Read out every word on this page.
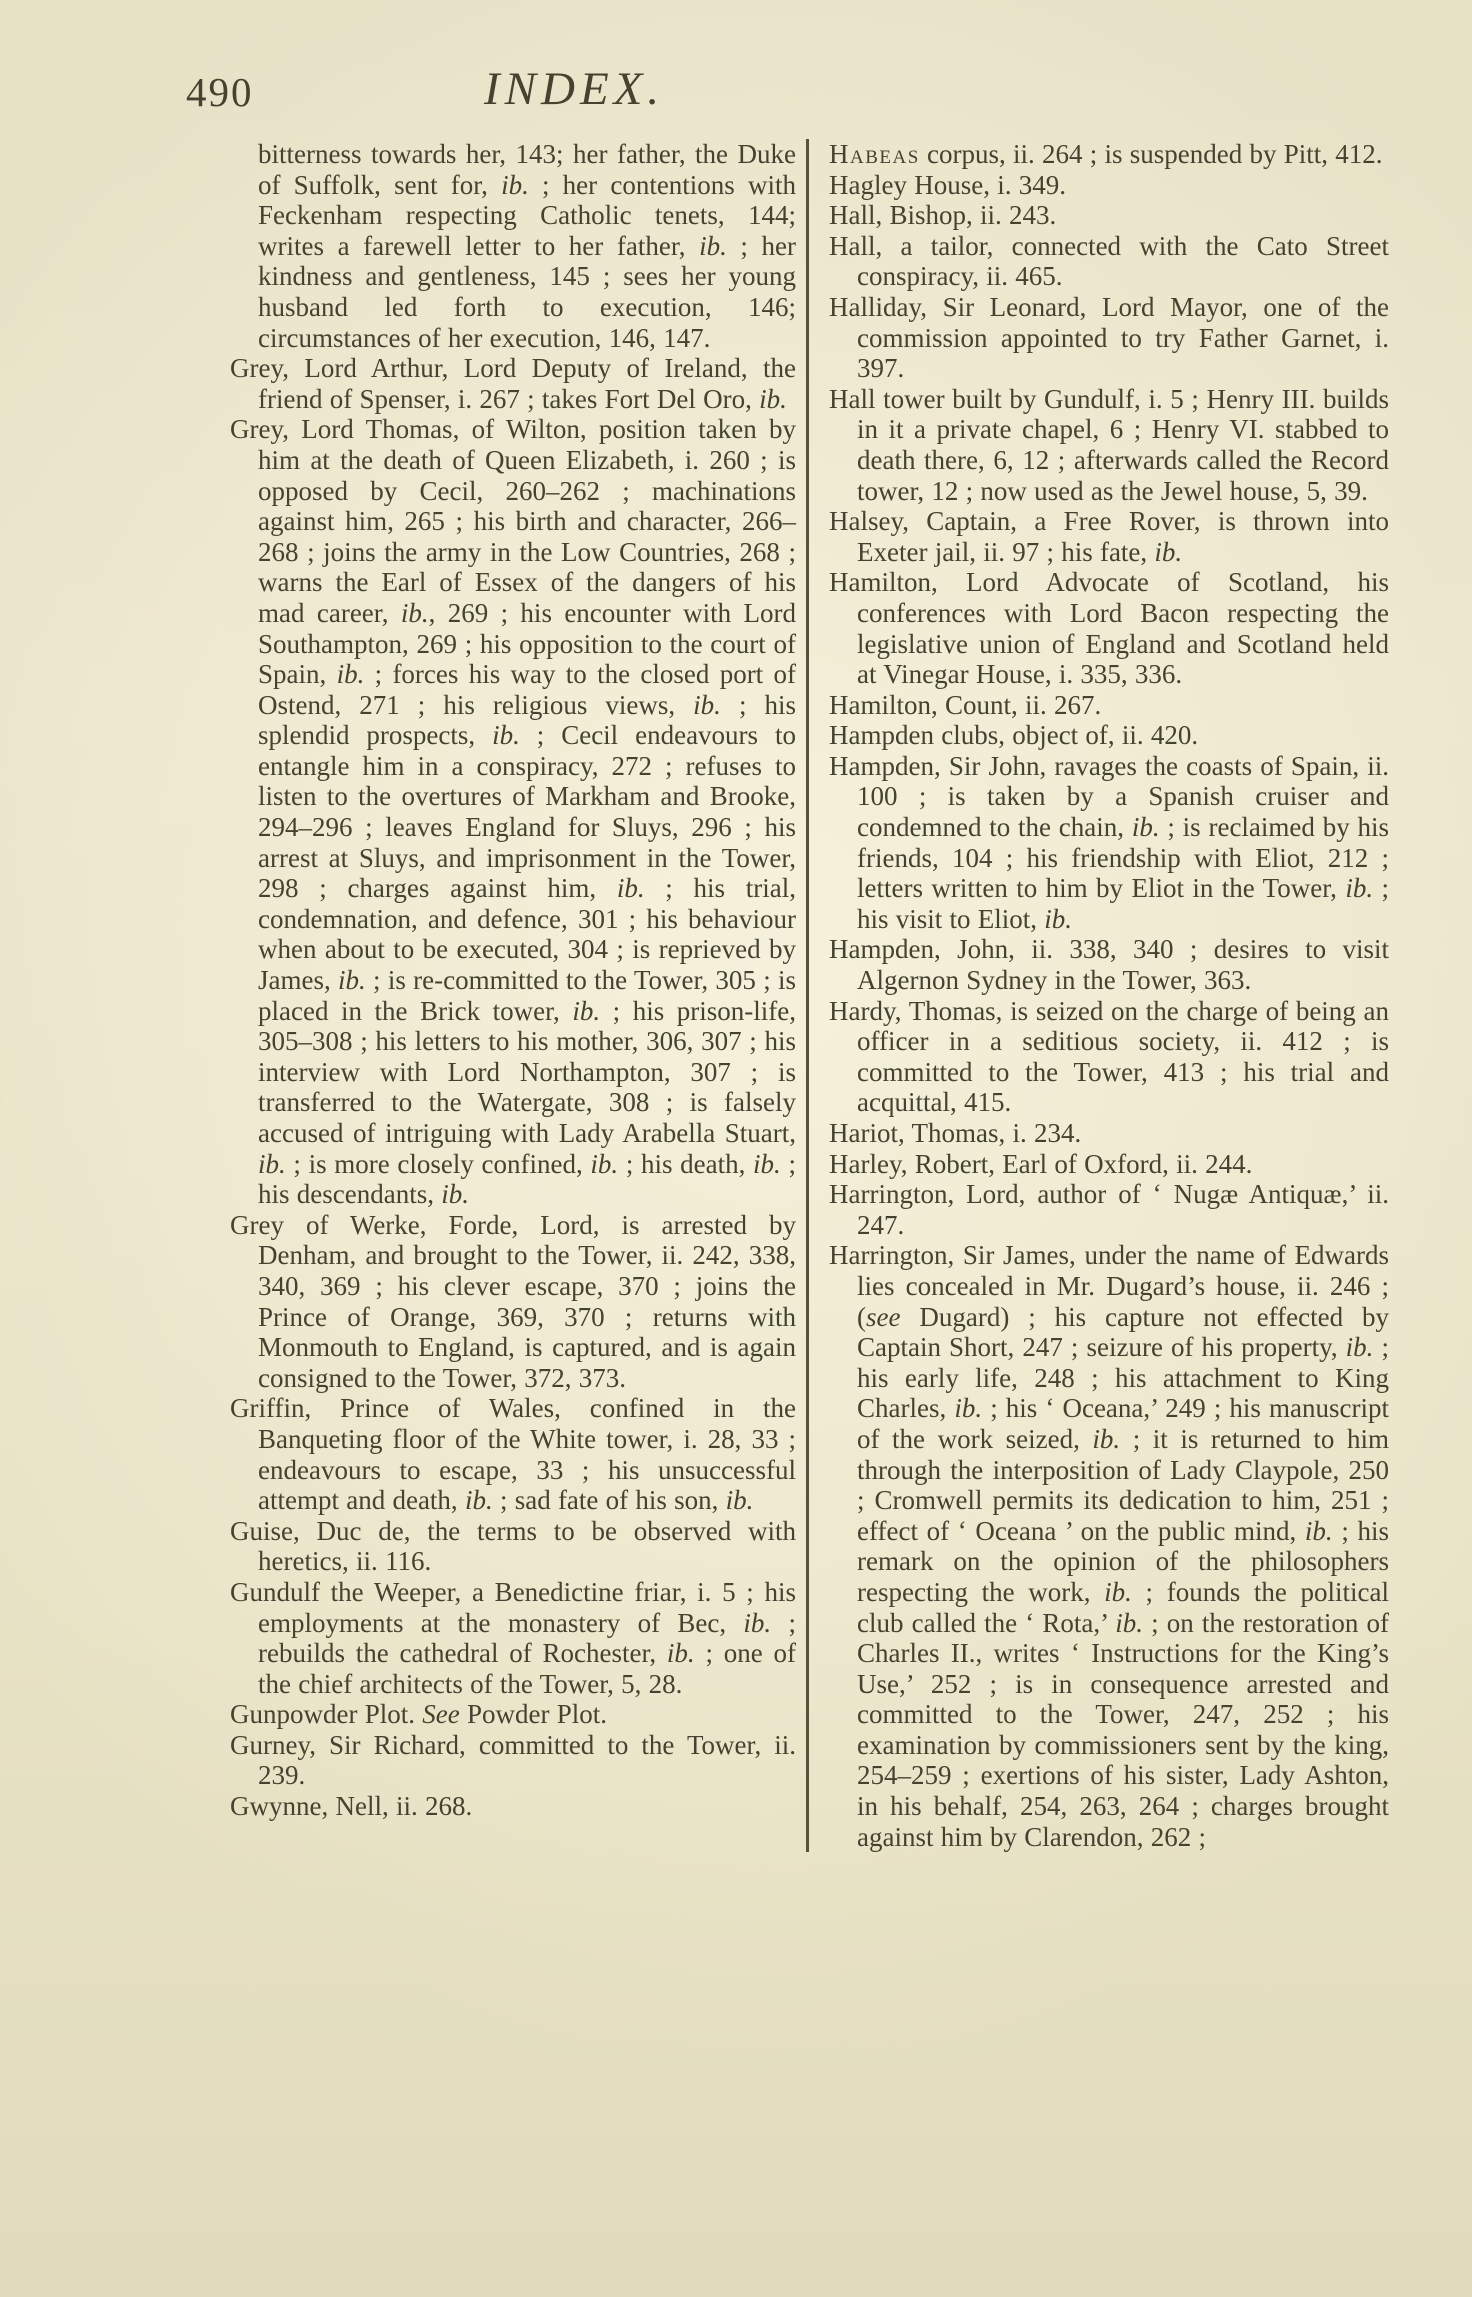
490	INDEX.

bitterness towards her, 143; her father, the Duke of Suffolk, sent for, ib. ; her contentions with Feckenham respecting Catholic tenets, 144; writes a farewell letter to her father, ib. ; her kindness and gentleness, 145 ; sees her young husband led forth to execution, 146; circumstances of her execution, 146, 147.

Grey, Lord Arthur, Lord Deputy of Ireland, the friend of Spenser, i. 267 ; takes Fort Del Oro, ib.

Grey, Lord Thomas, of Wilton, position taken by him at the death of Queen Elizabeth, i. 260 ; is opposed by Cecil, 260–262 ; machinations against him, 265 ; his birth and character, 266–268 ; joins the army in the Low Countries, 268 ; warns the Earl of Essex of the dangers of his mad career, ib., 269 ; his encounter with Lord Southampton, 269 ; his opposition to the court of Spain, ib. ; forces his way to the closed port of Ostend, 271 ; his religious views, ib. ; his splendid prospects, ib. ; Cecil endeavours to entangle him in a conspiracy, 272 ; refuses to listen to the overtures of Markham and Brooke, 294–296 ; leaves England for Sluys, 296 ; his arrest at Sluys, and imprisonment in the Tower, 298 ; charges against him, ib. ; his trial, condemnation, and defence, 301 ; his behaviour when about to be executed, 304 ; is reprieved by James, ib. ; is re-committed to the Tower, 305 ; is placed in the Brick tower, ib. ; his prison-life, 305–308 ; his letters to his mother, 306, 307 ; his interview with Lord Northampton, 307 ; is transferred to the Watergate, 308 ; is falsely accused of intriguing with Lady Arabella Stuart, ib. ; is more closely confined, ib. ; his death, ib. ; his descendants, ib.

Grey of Werke, Forde, Lord, is arrested by Denham, and brought to the Tower, ii. 242, 338, 340, 369 ; his clever escape, 370 ; joins the Prince of Orange, 369, 370 ; returns with Monmouth to England, is captured, and is again consigned to the Tower, 372, 373.

Griffin, Prince of Wales, confined in the Banqueting floor of the White tower, i. 28, 33 ; endeavours to escape, 33 ; his unsuccessful attempt and death, ib. ; sad fate of his son, ib.

Guise, Duc de, the terms to be observed with heretics, ii. 116.

Gundulf the Weeper, a Benedictine friar, i. 5 ; his employments at the monastery of Bec, ib. ; rebuilds the cathedral of Rochester, ib. ; one of the chief architects of the Tower, 5, 28.

Gunpowder Plot. See Powder Plot.

Gurney, Sir Richard, committed to the Tower, ii. 239.

Gwynne, Nell, ii. 268.

Habeas corpus, ii. 264 ; is suspended by Pitt, 412.

Hagley House, i. 349.

Hall, Bishop, ii. 243.

Hall, a tailor, connected with the Cato Street conspiracy, ii. 465.

Halliday, Sir Leonard, Lord Mayor, one of the commission appointed to try Father Garnet, i. 397.

Hall tower built by Gundulf, i. 5 ; Henry III. builds in it a private chapel, 6 ; Henry VI. stabbed to death there, 6, 12 ; afterwards called the Record tower, 12 ; now used as the Jewel house, 5, 39.

Halsey, Captain, a Free Rover, is thrown into Exeter jail, ii. 97 ; his fate, ib.

Hamilton, Lord Advocate of Scotland, his conferences with Lord Bacon respecting the legislative union of England and Scotland held at Vinegar House, i. 335, 336.

Hamilton, Count, ii. 267.

Hampden clubs, object of, ii. 420.

Hampden, Sir John, ravages the coasts of Spain, ii. 100 ; is taken by a Spanish cruiser and condemned to the chain, ib. ; is reclaimed by his friends, 104 ; his friendship with Eliot, 212 ; letters written to him by Eliot in the Tower, ib. ; his visit to Eliot, ib.

Hampden, John, ii. 338, 340 ; desires to visit Algernon Sydney in the Tower, 363.

Hardy, Thomas, is seized on the charge of being an officer in a seditious society, ii. 412 ; is committed to the Tower, 413 ; his trial and acquittal, 415.

Hariot, Thomas, i. 234.

Harley, Robert, Earl of Oxford, ii. 244.

Harrington, Lord, author of ‘ Nugæ Antiquæ,’ ii. 247.

Harrington, Sir James, under the name of Edwards lies concealed in Mr. Dugard’s house, ii. 246 ; (see Dugard) ; his capture not effected by Captain Short, 247 ; seizure of his property, ib. ; his early life, 248 ; his attachment to King Charles, ib. ; his ‘ Oceana,’ 249 ; his manuscript of the work seized, ib. ; it is returned to him through the interposition of Lady Claypole, 250 ; Cromwell permits its dedication to him, 251 ; effect of ‘ Oceana ’ on the public mind, ib. ; his remark on the opinion of the philosophers respecting the work, ib. ; founds the political club called the ‘ Rota,’ ib. ; on the restoration of Charles II., writes ‘ Instructions for the King’s Use,’ 252 ; is in consequence arrested and committed to the Tower, 247, 252 ; his examination by commissioners sent by the king, 254–259 ; exertions of his sister, Lady Ashton, in his behalf, 254, 263, 264 ; charges brought against him by Clarendon, 262 ;
